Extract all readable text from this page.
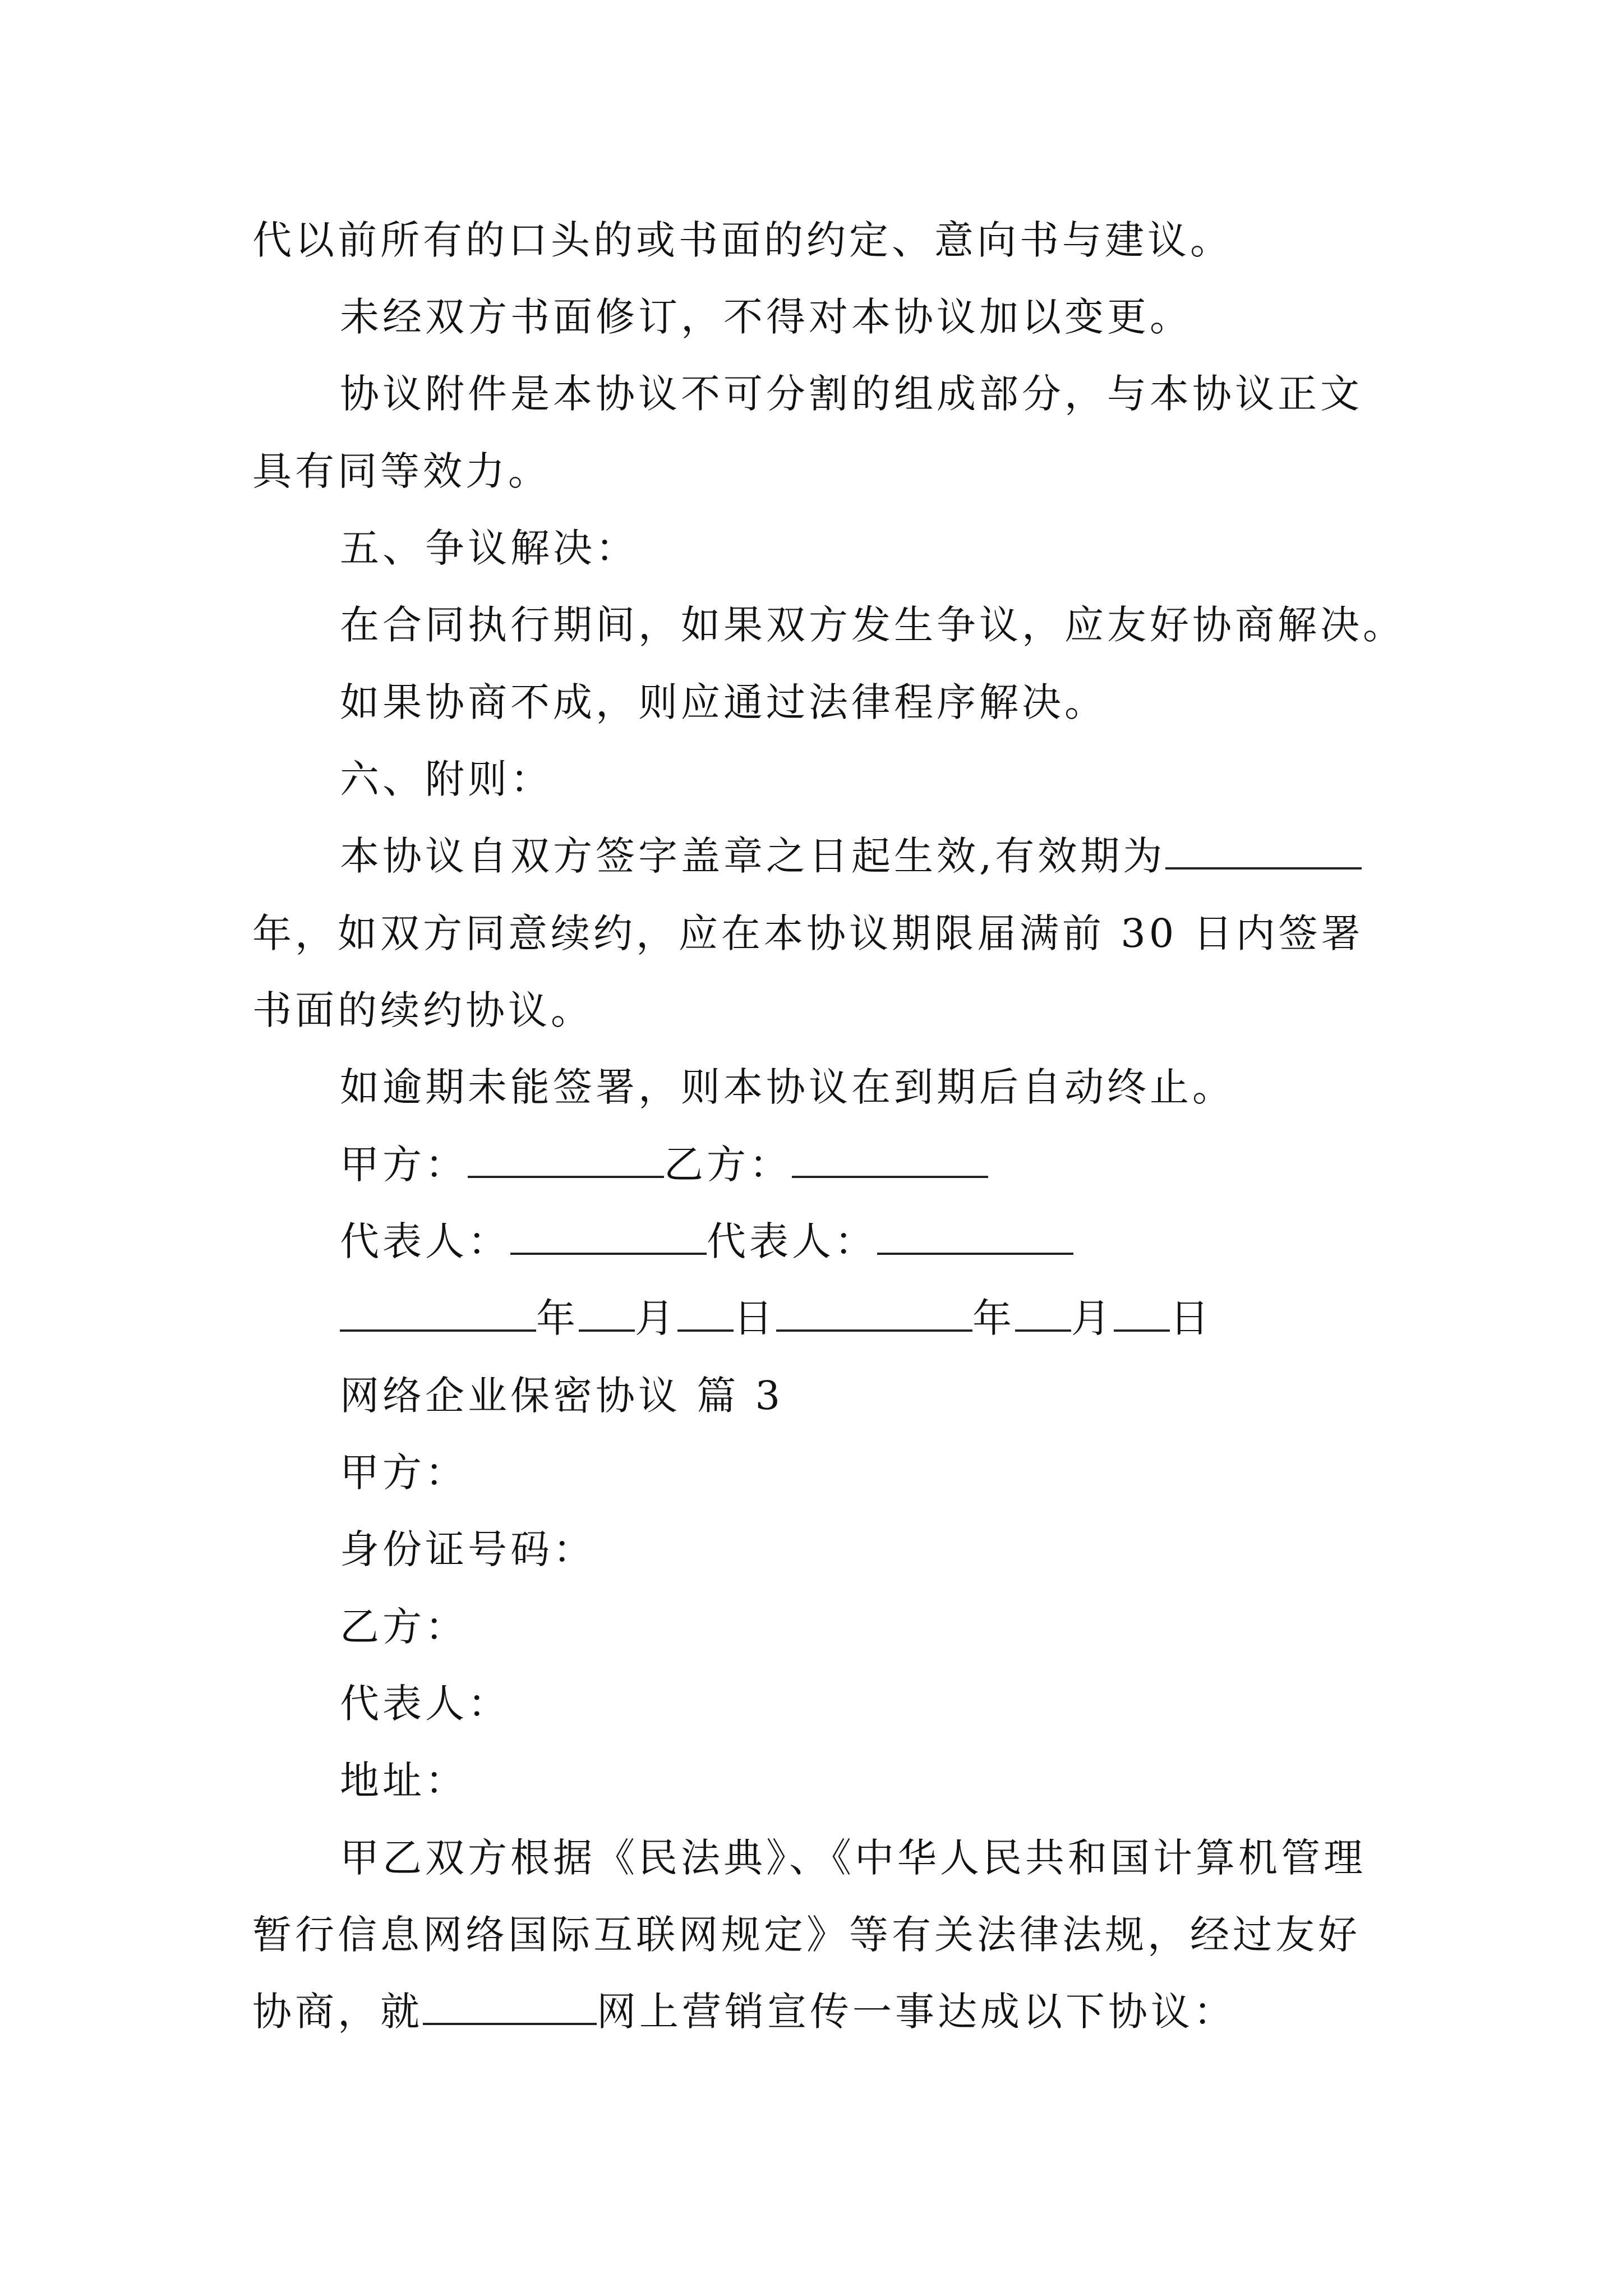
代以前所有的口头的或书面的约定、意向书与建议。
未经双方书面修订，不得对本协议加以变更。
协议附件是本协议不可分割的组成部分，与本协议正文
具有同等效力。
五、争议解决：
在合同执行期间，如果双方发生争议，应友好协商解决。
如果协商不成，则应通过法律程序解决。
六、附则：
本协议自双方签字盖章之日起生效,有效期为
年，如双方同意续约，应在本协议期限届满前 30 日内签署
书面的续约协议。
如逾期未能签署，则本协议在到期后自动终止。
甲方：	乙方：
代表人：	代表人：
年 月 日	年 月 日
网络企业保密协议 篇 3
甲方：
身份证号码：
乙方：
代表人：
地址：
甲乙双方根据《民法典》、《中华人民共和国计算机管理
暂行信息网络国际互联网规定》等有关法律法规，经过友好
协商，就	网上营销宣传一事达成以下协议：
